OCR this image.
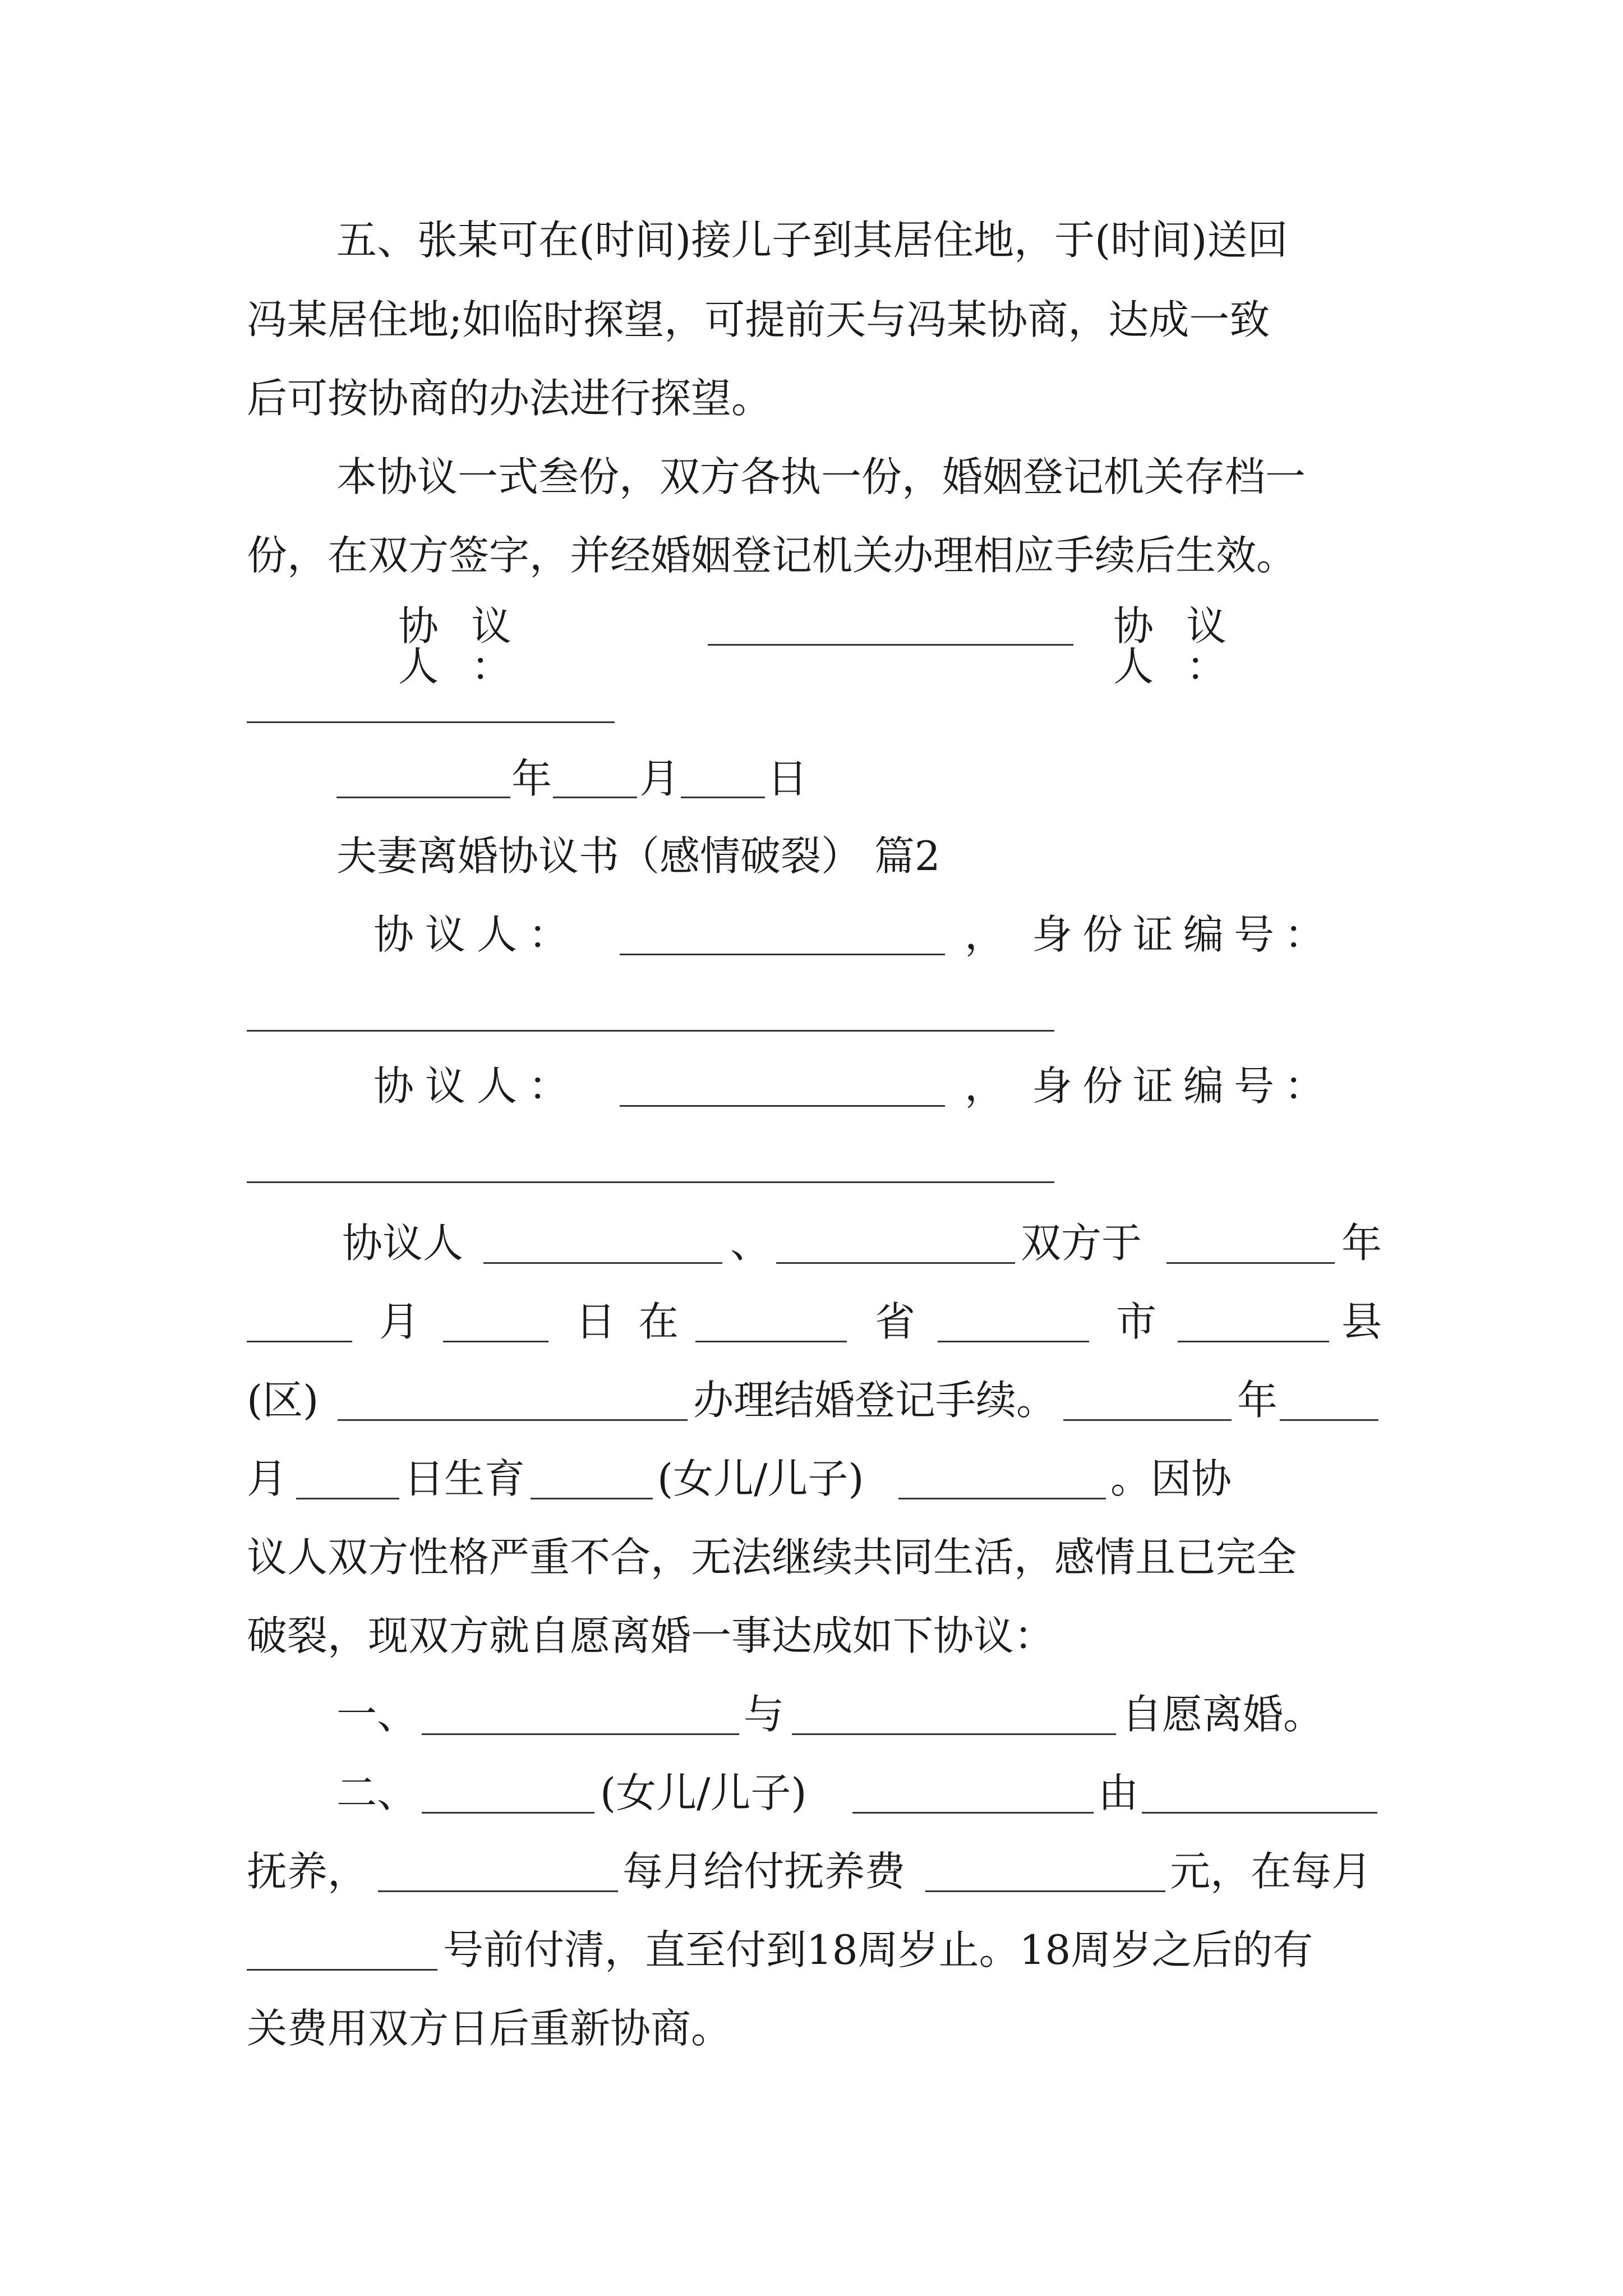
五、张某可在(时间)接儿子到其居住地，于(时间)送回
冯某居住地;如临时探望，可提前天与冯某协商，达成一致
后可按协商的办法进行探望。
本协议一式叁份，双方各执一份，婚姻登记机关存档一
份，在双方签字，并经婚姻登记机关办理相应手续后生效。
协议人：
协议人：
年 月 日
夫妻离婚协议书（感情破裂） 篇2
协议人：	， 身份证编号：
协议人：	， 身份证编号：
协议人	、	双方于	年
月	日 在	省	市	县
(区)	办理结婚登记手续。	年
月	日生育	(女儿/儿子)	。因协
议人双方性格严重不合，无法继续共同生活，感情且已完全
破裂，现双方就自愿离婚一事达成如下协议：
一、	与	自愿离婚。
二、	(女儿/儿子)	由
抚养，	每月给付抚养费	元，在每月
号前付清，直至付到18周岁止。18周岁之后的有
关费用双方日后重新协商。
